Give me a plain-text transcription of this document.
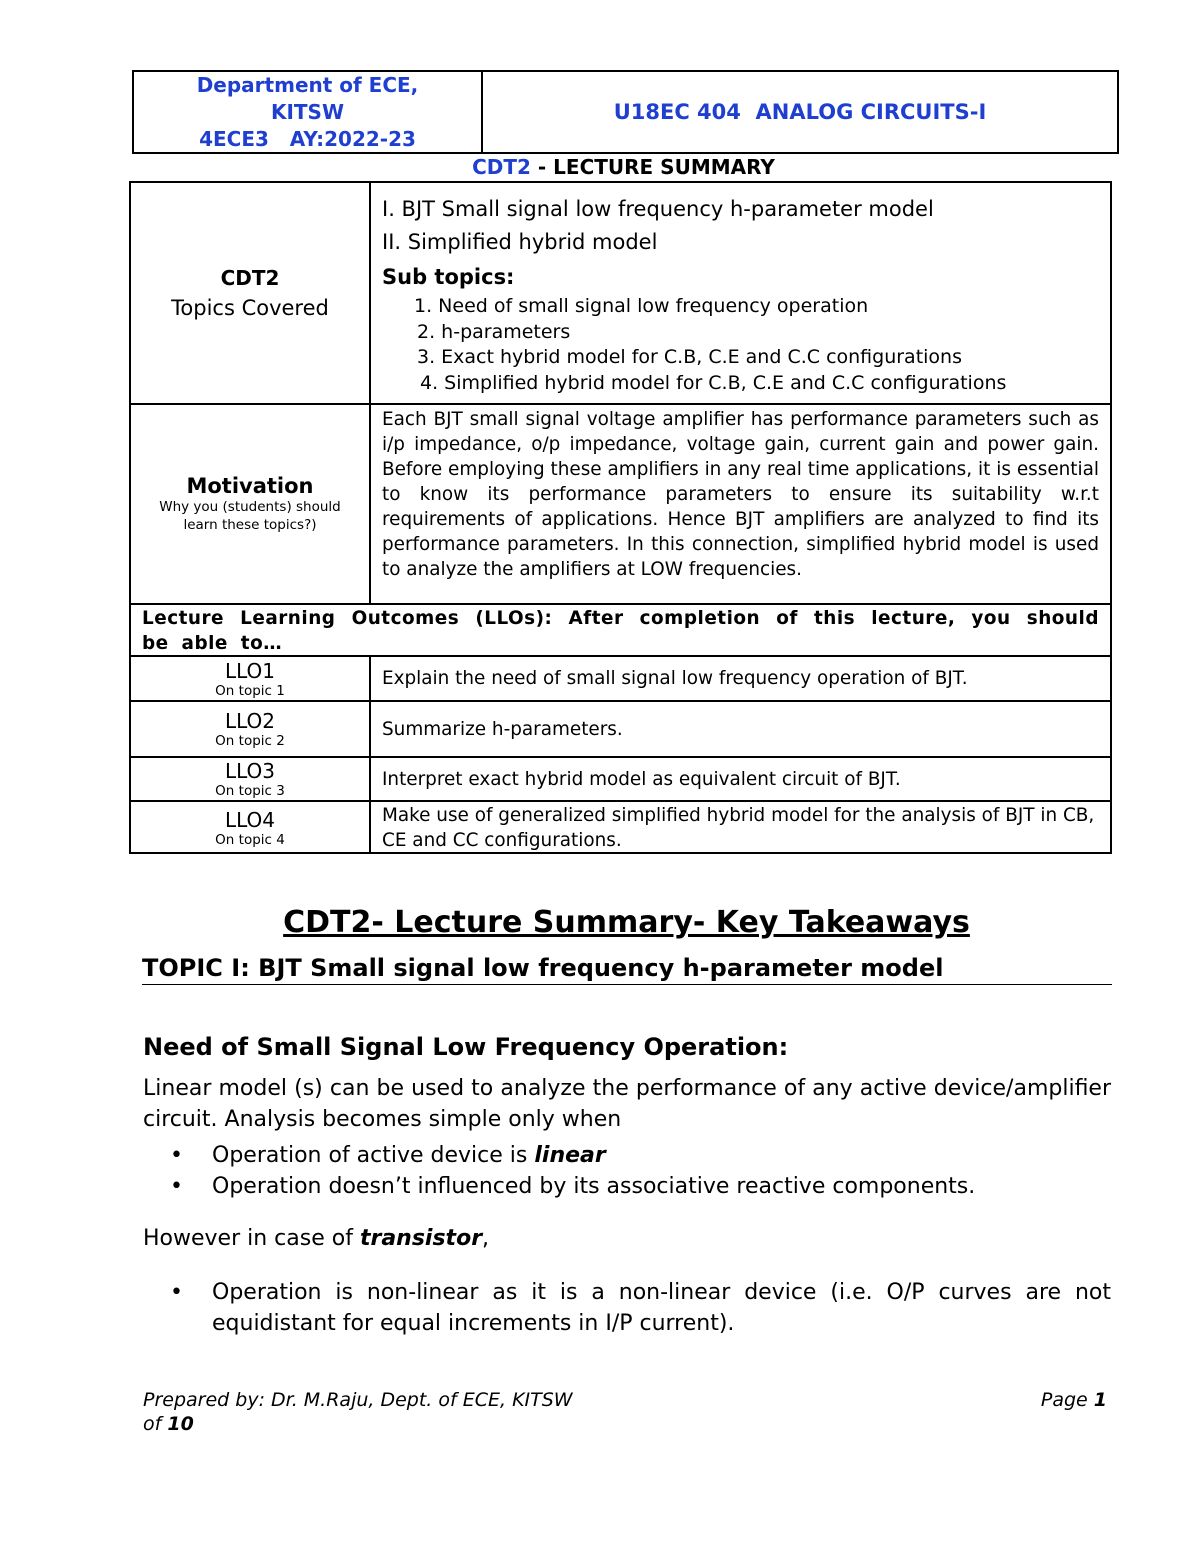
Department of ECE,
KITSW
4ECE3   AY:2022-23
U18EC 404  ANALOG CIRCUITS-I
CDT2 - LECTURE SUMMARY
CDT2
Topics Covered
I. BJT Small signal low frequency h-parameter model
II. Simplified hybrid model
Sub topics:
1. Need of small signal low frequency operation
2. h-parameters
3. Exact hybrid model for C.B, C.E and C.C configurations
4. Simplified hybrid model for C.B, C.E and C.C configurations
Motivation
Why you (students) should learn these topics?)
Each BJT small signal voltage amplifier has performance parameters such as i/p impedance, o/p impedance, voltage gain, current gain and power gain. Before employing these amplifiers in any real time applications, it is essential to know its performance parameters to ensure its suitability w.r.t requirements of applications. Hence BJT amplifiers are analyzed to find its performance parameters. In this connection, simplified hybrid model is used to analyze the amplifiers at LOW frequencies.
Lecture Learning Outcomes (LLOs): After completion of this lecture, you should be able to…
LLO1
On topic 1
Explain the need of small signal low frequency operation of BJT.
LLO2
On topic 2
Summarize h-parameters.
LLO3
On topic 3
Interpret exact hybrid model as equivalent circuit of BJT.
LLO4
On topic 4
Make use of generalized simplified hybrid model for the analysis of BJT in CB, CE and CC configurations.
CDT2- Lecture Summary- Key Takeaways
TOPIC I: BJT Small signal low frequency h-parameter model
Need of Small Signal Low Frequency Operation:
Linear model (s) can be used to analyze the performance of any active device/amplifier circuit. Analysis becomes simple only when
• Operation of active device is linear
• Operation doesn’t influenced by its associative reactive components.
However in case of transistor,
• Operation is non-linear as it is a non-linear device (i.e. O/P curves are not equidistant for equal increments in I/P current).
Prepared by: Dr. M.Raju, Dept. of ECE, KITSW	Page 1
of 10
